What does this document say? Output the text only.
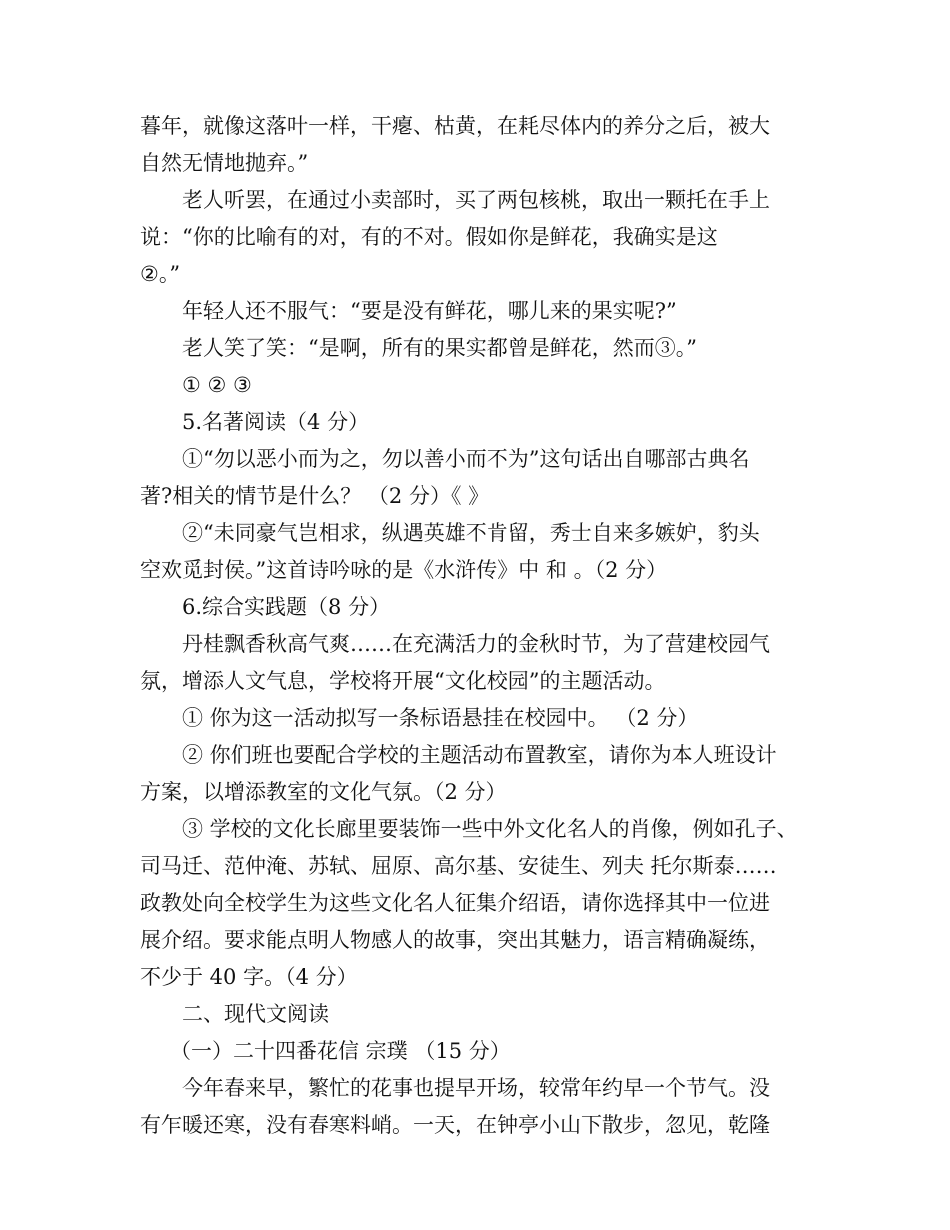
暮年，就像这落叶一样，干瘪、枯黄，在耗尽体内的养分之后，被大
自然无情地抛弃。”
老人听罢，在通过小卖部时，买了两包核桃，取出一颗托在手上
说：“你的比喻有的对，有的不对。假如你是鲜花，我确实是这
②。”
年轻人还不服气：“要是没有鲜花，哪儿来的果实呢?”
老人笑了笑：“是啊，所有的果实都曾是鲜花，然而③。”
① ② ③
5.名著阅读（4 分）
①“勿以恶小而为之，勿以善小而不为”这句话出自哪部古典名
著?相关的情节是什么？ （2 分）《 》
②“未同豪气岂相求，纵遇英雄不肯留，秀士自来多嫉妒，豹头
空欢觅封侯。”这首诗吟咏的是《水浒传》中 和 。（2 分）
6.综合实践题（8 分）
丹桂飘香秋高气爽……在充满活力的金秋时节，为了营建校园气
氛，增添人文气息，学校将开展“文化校园”的主题活动。
① 你为这一活动拟写一条标语悬挂在校园中。 （2 分）
② 你们班也要配合学校的主题活动布置教室，请你为本人班设计
方案，以增添教室的文化气氛。（2 分）
③ 学校的文化长廊里要装饰一些中外文化名人的肖像，例如孔子、
司马迁、范仲淹、苏轼、屈原、高尔基、安徒生、列夫 托尔斯泰……
政教处向全校学生为这些文化名人征集介绍语，请你选择其中一位进
展介绍。要求能点明人物感人的故事，突出其魅力，语言精确凝练，
不少于 40 字。（4 分）
二、现代文阅读
（一）二十四番花信 宗璞 （15 分）
今年春来早，繁忙的花事也提早开场，较常年约早一个节气。没
有乍暖还寒，没有春寒料峭。一天，在钟亭小山下散步，忽见，乾隆
